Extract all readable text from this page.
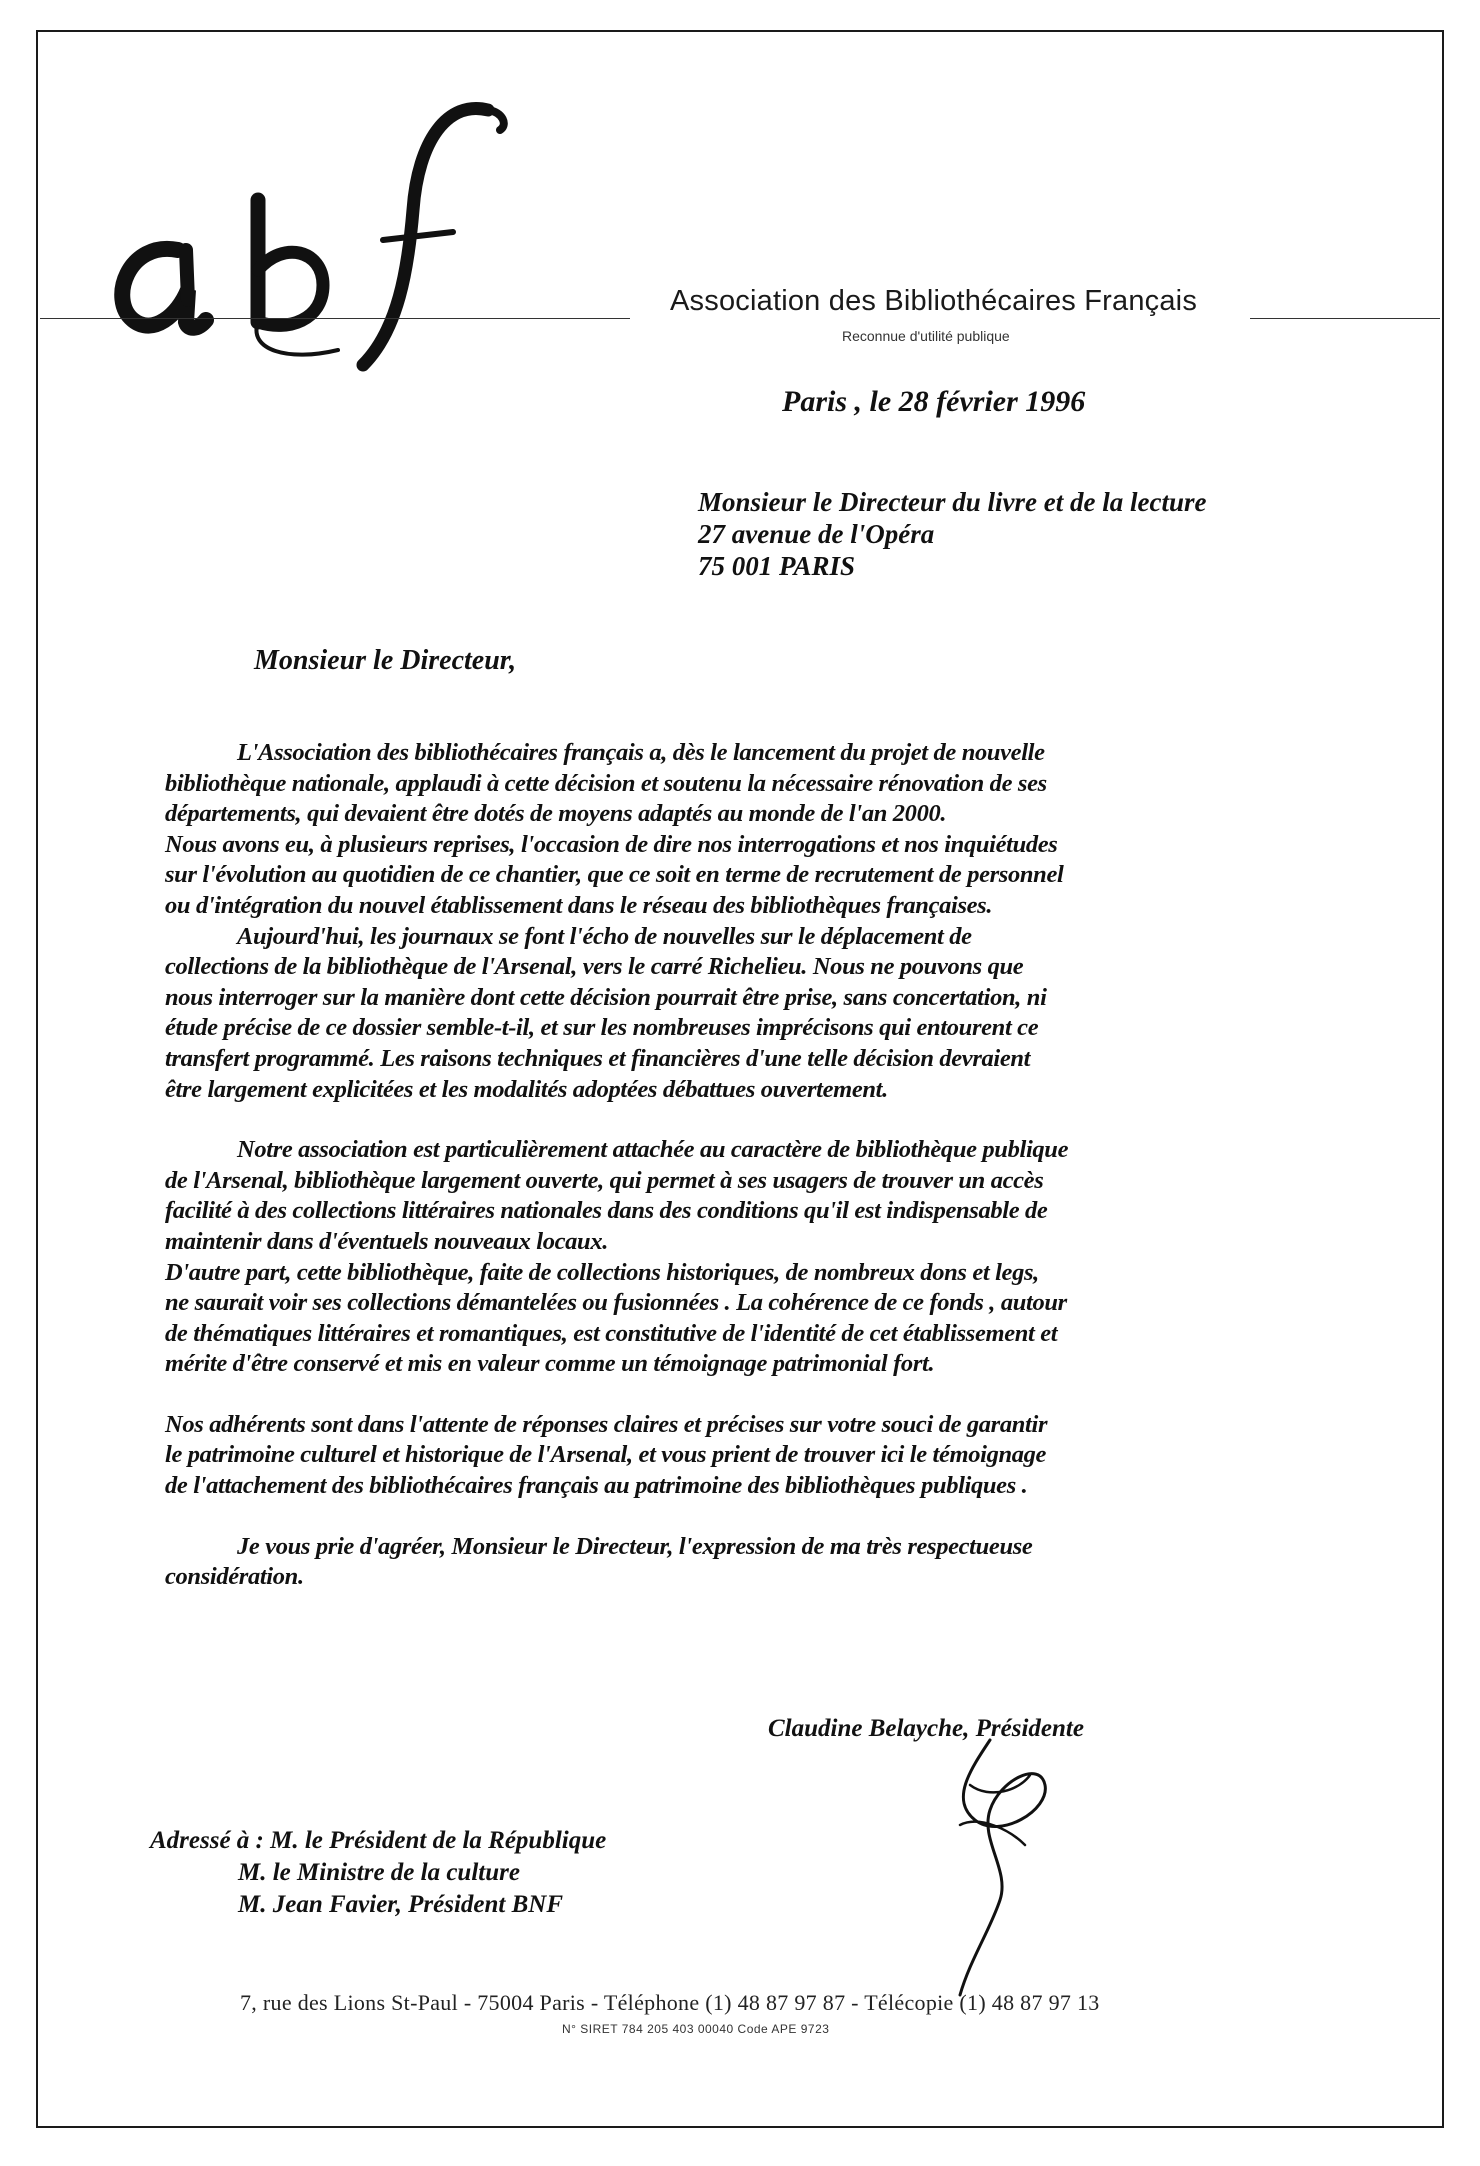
Association des Bibliothécaires Français
Reconnue d'utilité publique
Paris , le 28 février 1996
Monsieur le Directeur du livre et de la lecture
27 avenue de l'Opéra
75 001 PARIS
Monsieur le Directeur,
L'Association des bibliothécaires français a, dès le lancement du projet de nouvelle
bibliothèque nationale, applaudi à cette décision et soutenu la nécessaire rénovation de ses
départements, qui devaient être dotés de moyens adaptés au monde de l'an 2000.
Nous avons eu, à plusieurs reprises, l'occasion de dire nos interrogations et nos inquiétudes
sur l'évolution au quotidien de ce chantier, que ce soit en terme de recrutement de personnel
ou d'intégration du nouvel établissement dans le réseau des bibliothèques françaises.
Aujourd'hui, les journaux se font l'écho de nouvelles sur le déplacement de
collections de la bibliothèque de l'Arsenal, vers le carré Richelieu. Nous ne pouvons que
nous interroger sur la manière dont cette décision pourrait être prise, sans concertation, ni
étude précise de ce dossier semble-t-il, et sur les nombreuses imprécisons qui entourent ce
transfert programmé. Les raisons techniques et financières d'une telle décision devraient
être largement explicitées et les modalités adoptées débattues ouvertement.
Notre association est particulièrement attachée au caractère de bibliothèque publique
de l'Arsenal, bibliothèque largement ouverte, qui permet à ses usagers de trouver un accès
facilité à des collections littéraires nationales dans des conditions qu'il est indispensable de
maintenir dans d'éventuels nouveaux locaux.
D'autre part, cette bibliothèque, faite de collections historiques, de nombreux dons et legs,
ne saurait voir ses collections démantelées ou fusionnées . La cohérence de ce fonds , autour
de thématiques littéraires et romantiques, est constitutive de l'identité de cet établissement et
mérite d'être conservé et mis en valeur comme un témoignage patrimonial fort.
Nos adhérents sont dans l'attente de réponses claires et précises sur votre souci de garantir
le patrimoine culturel et historique de l'Arsenal, et vous prient de trouver ici le témoignage
de l'attachement des bibliothécaires français au patrimoine des bibliothèques publiques .
Je vous prie d'agréer, Monsieur le Directeur, l'expression de ma très respectueuse
considération.
Claudine Belayche, Présidente
Adressé à : M. le Président de la République
M. le Ministre de la culture
M. Jean Favier, Président BNF
7, rue des Lions St-Paul - 75004 Paris - Téléphone (1) 48 87 97 87 - Télécopie (1) 48 87 97 13
N° SIRET 784 205 403 00040 Code APE 9723
